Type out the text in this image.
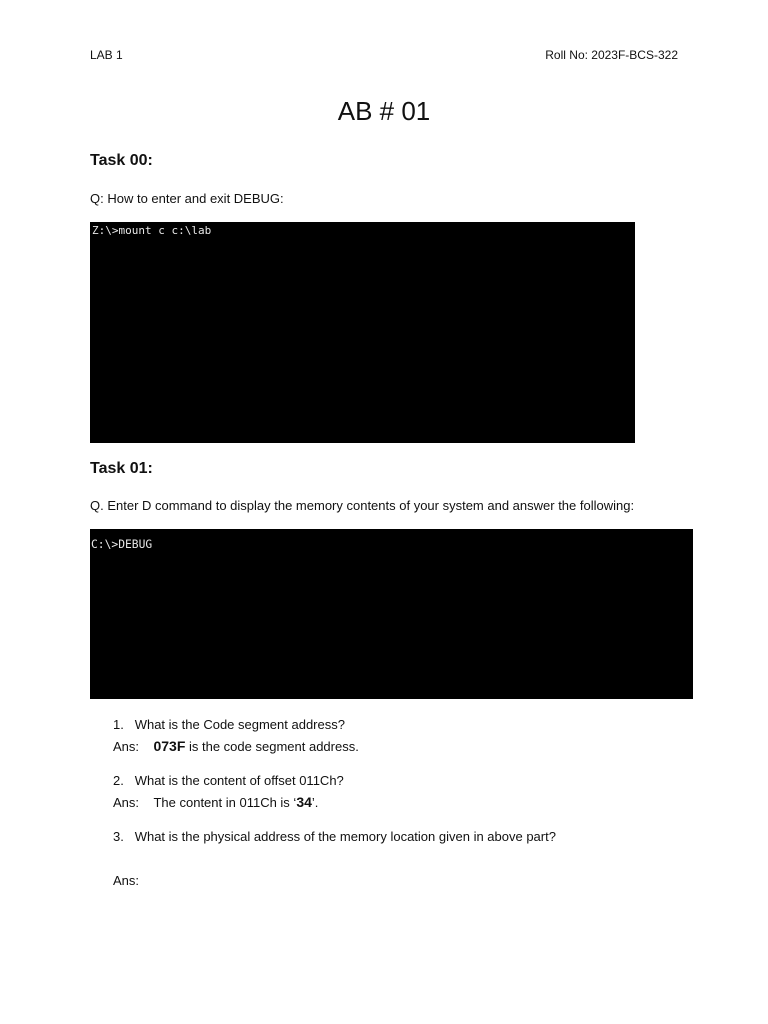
LAB 1	Roll No: 2023F-BCS-322
AB # 01
Task 00:
Q: How to enter and exit DEBUG:
Z:\>mount c c:\lab

Task 01:
Q. Enter D command to display the memory contents of your system and answer the following:
C:\>DEBUG
1. What is the Code segment address?
Ans: 073F is the code segment address.
2. What is the content of offset 011Ch?
Ans: The content in 011Ch is ‘34’.
3. What is the physical address of the memory location given in above part?
Ans:
